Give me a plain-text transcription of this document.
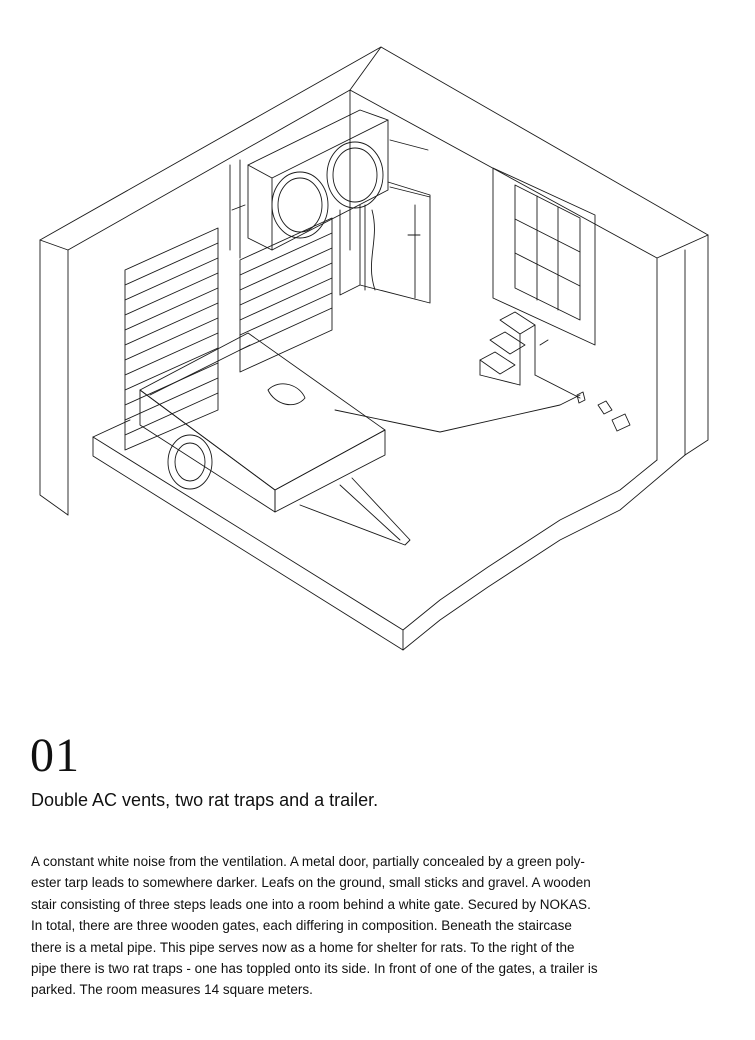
01
Double AC vents, two rat traps and a trailer.

A constant white noise from the ventilation. A metal door, partially concealed by a green poly-
ester tarp leads to somewhere darker. Leafs on the ground, small sticks and gravel. A wooden
stair consisting of three steps leads one into a room behind a white gate. Secured by NOKAS.
In total, there are three wooden gates, each differing in composition. Beneath the staircase
there is a metal pipe. This pipe serves now as a home for shelter for rats. To the right of the
pipe there is two rat traps - one has toppled onto its side. In front of one of the gates, a trailer is
parked. The room measures 14 square meters.
